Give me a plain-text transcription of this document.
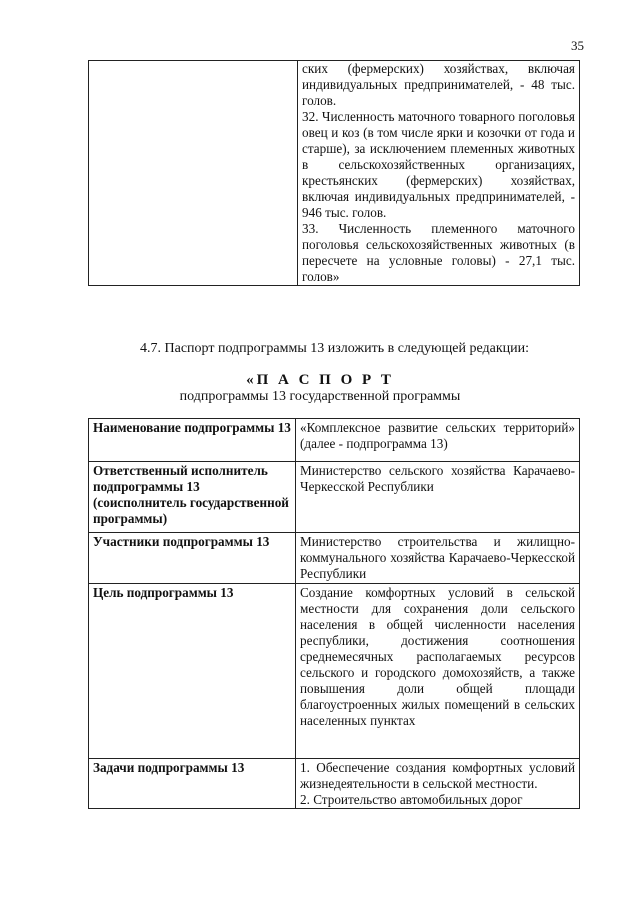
35

ских (фермерских) хозяйствах, включая индивидуальных предпринимателей, - 48 тыс. голов.

32. Численность маточного товарного поголовья овец и коз (в том числе ярки и козочки от года и старше), за исключением племенных животных в сельскохозяйственных организациях, крестьянских (фермерских) хозяйствах, включая индивидуальных предпринимателей, - 946 тыс. голов.

33. Численность племенного маточного поголовья сельскохозяйственных животных (в пересчете на условные головы) - 27,1 тыс. голов»

4.7. Паспорт подпрограммы 13 изложить в следующей редакции:
«П А С П О Р Т
подпрограммы 13 государственной программы
Наименование подпрограммы 13	«Комплексное развитие сельских территорий» (далее - подпрограмма 13)
Ответственный исполнитель подпрограммы 13 (соисполнитель государственной программы)	Министерство сельского хозяйства Карачаево-Черкесской Республики
Участники подпрограммы 13	Министерство строительства и жилищно-коммунального хозяйства Карачаево-Черкесской Республики
Цель подпрограммы 13	Создание комфортных условий в сельской местности для сохранения доли сельского населения в общей численности населения республики, достижения соотношения среднемесячных располагаемых ресурсов сельского и городского домохозяйств, а также повышения доли общей площади благоустроенных жилых помещений в сельских населенных пунктах
Задачи подпрограммы 13	1. Обеспечение создания комфортных условий жизнедеятельности в сельской местности.

2. Строительство автомобильных дорог
